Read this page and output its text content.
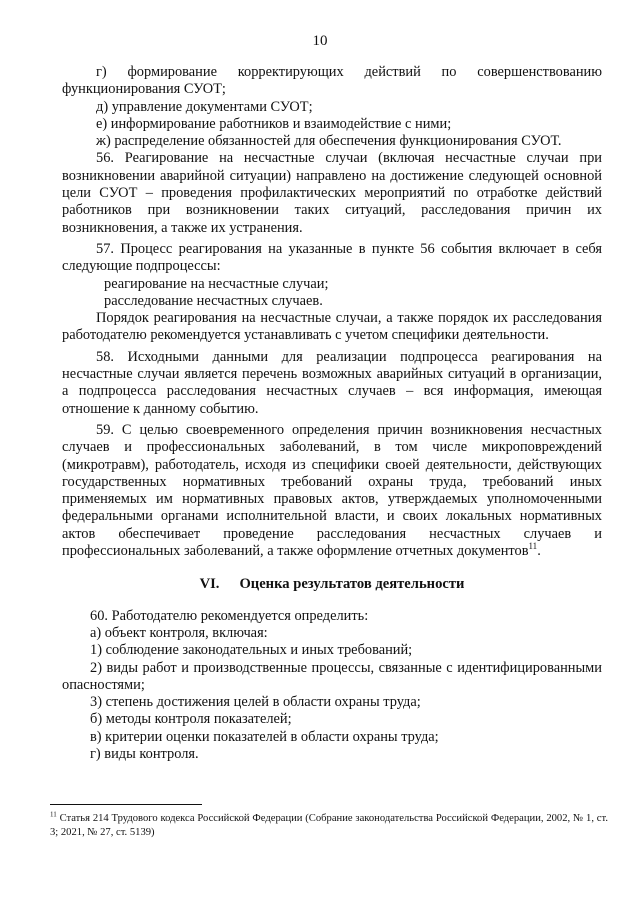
10

г) формирование корректирующих действий по совершенствованию функционирования СУОТ;

д) управление документами СУОТ;

е) информирование работников и взаимодействие с ними;

ж) распределение обязанностей для обеспечения функционирования СУОТ.

56. Реагирование на несчастные случаи (включая несчастные случаи при возникновении аварийной ситуации) направлено на достижение следующей основной цели СУОТ – проведения профилактических мероприятий по отработке действий работников при возникновении таких ситуаций, расследования причин их возникновения, а также их устранения.

57. Процесс реагирования на указанные в пункте 56 события включает в себя следующие подпроцессы:

реагирование на несчастные случаи;

расследование несчастных случаев.

Порядок реагирования на несчастные случаи, а также порядок их расследования работодателю рекомендуется устанавливать с учетом специфики деятельности.

58. Исходными данными для реализации подпроцесса реагирования на несчастные случаи является перечень возможных аварийных ситуаций в организации, а подпроцесса расследования несчастных случаев – вся информация, имеющая отношение к данному событию.

59. С целью своевременного определения причин возникновения несчастных случаев и профессиональных заболеваний, в том числе микроповреждений (микротравм), работодатель, исходя из специфики своей деятельности, действующих государственных нормативных требований охраны труда, требований иных применяемых им нормативных правовых актов, утверждаемых уполномоченными федеральными органами исполнительной власти, и своих локальных нормативных актов обеспечивает проведение расследования несчастных случаев и профессиональных заболеваний, а также оформление отчетных документов$^{11}$.

VI. Оценка результатов деятельности

60. Работодателю рекомендуется определить:

а) объект контроля, включая:

1) соблюдение законодательных и иных требований;

2) виды работ и производственные процессы, связанные с идентифицированными опасностями;

3) степень достижения целей в области охраны труда;

б) методы контроля показателей;

в) критерии оценки показателей в области охраны труда;

г) виды контроля.

$^{11}$ Статья 214 Трудового кодекса Российской Федерации (Собрание законодательства Российской Федерации, 2002, № 1, ст. 3; 2021, № 27, ст. 5139)
